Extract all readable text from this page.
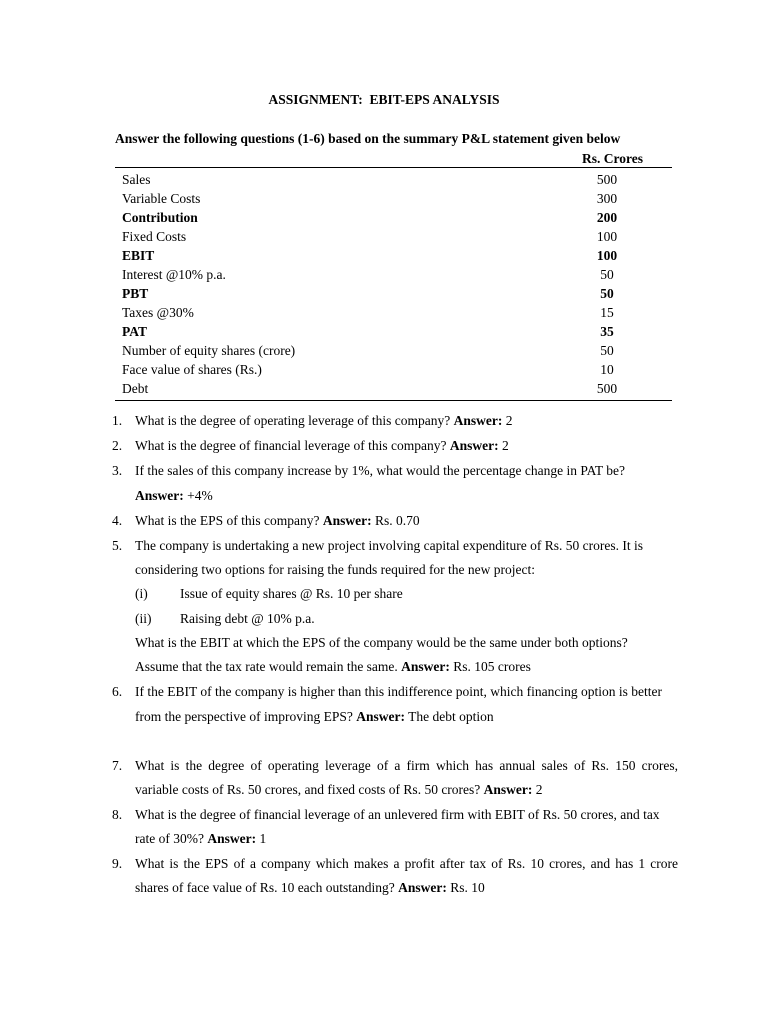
ASSIGNMENT:  EBIT-EPS ANALYSIS
Answer the following questions (1-6) based on the summary P&L statement given below
Rs. Crores
Sales	500
Variable Costs	300
Contribution	200
Fixed Costs	100
EBIT	100
Interest @10% p.a.	50
PBT	50
Taxes @30%	15
PAT	35
Number of equity shares (crore)	50
Face value of shares (Rs.)	10
Debt	500
1. What is the degree of operating leverage of this company? Answer: 2
2. What is the degree of financial leverage of this company? Answer: 2
3. If the sales of this company increase by 1%, what would the percentage change in PAT be?
Answer: +4%
4. What is the EPS of this company? Answer: Rs. 0.70
5. The company is undertaking a new project involving capital expenditure of Rs. 50 crores. It is
considering two options for raising the funds required for the new project:
(i) Issue of equity shares @ Rs. 10 per share
(ii) Raising debt @ 10% p.a.
What is the EBIT at which the EPS of the company would be the same under both options?
Assume that the tax rate would remain the same. Answer: Rs. 105 crores
6. If the EBIT of the company is higher than this indifference point, which financing option is better
from the perspective of improving EPS? Answer: The debt option
7. What is the degree of operating leverage of a firm which has annual sales of Rs. 150 crores,
variable costs of Rs. 50 crores, and fixed costs of Rs. 50 crores? Answer: 2
8. What is the degree of financial leverage of an unlevered firm with EBIT of Rs. 50 crores, and tax
rate of 30%? Answer: 1
9. What is the EPS of a company which makes a profit after tax of Rs. 10 crores, and has 1 crore
shares of face value of Rs. 10 each outstanding? Answer: Rs. 10
